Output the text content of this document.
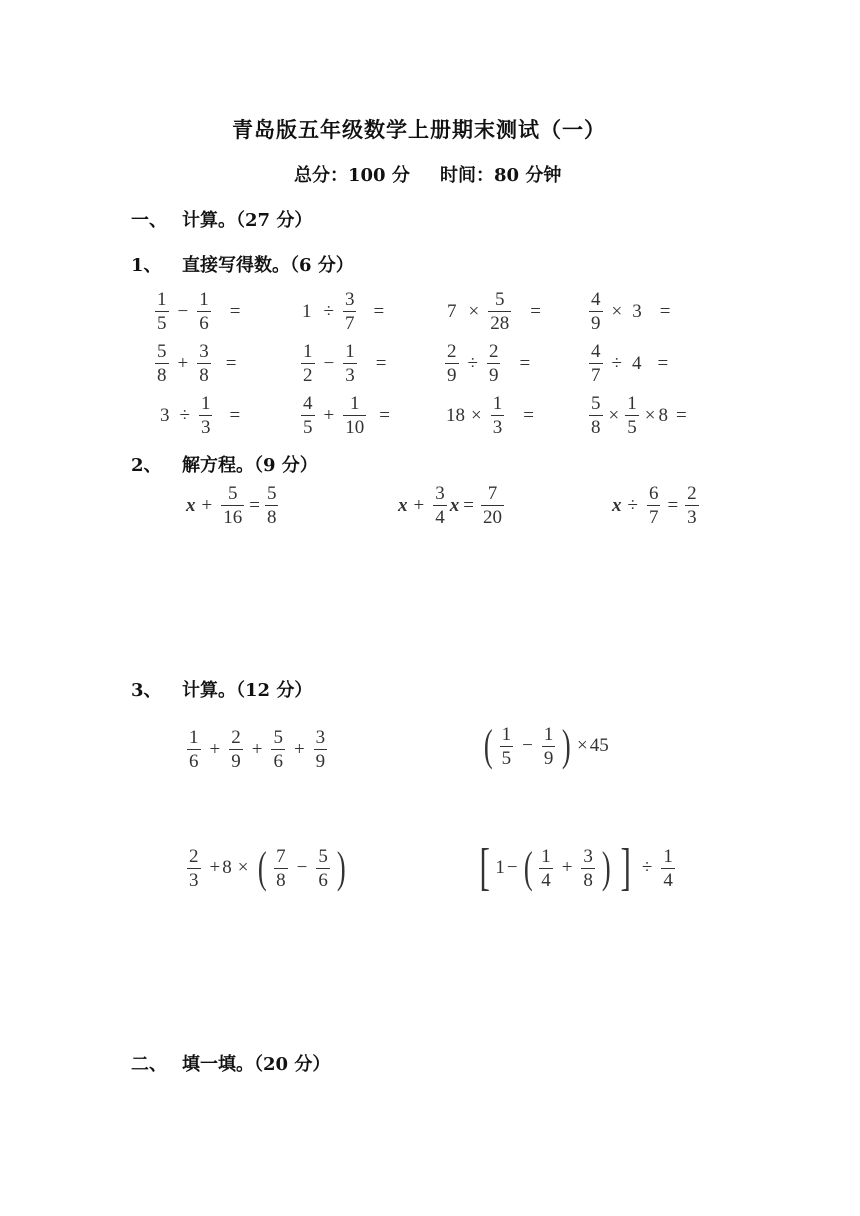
青岛版五年级数学上册期末测试（一）
总分：100 分 时间：80 分钟
一、 计算。（27 分）
1、 直接写得数。（6 分）
$\frac{1}{5} - \frac{1}{6}$ =	$1 \div \frac{3}{7}$ =	$7 \times \frac{5}{28}$ =	$\frac{4}{9} \times 3$ =
$\frac{5}{8} + \frac{3}{8}$ =	$\frac{1}{2} - \frac{1}{3}$ =	$\frac{2}{9} \div \frac{2}{9}$ =	$\frac{4}{7} \div 4$ =
$3 \div \frac{1}{3}$ =	$\frac{4}{5} + \frac{1}{10}$ =	$18 \times \frac{1}{3}$ =	$\frac{5}{8} \times \frac{1}{5} \times 8$ =
2、 解方程。（9 分）
$x + \frac{5}{16} = \frac{5}{8}$	$x + \frac{3}{4}$ $x = \frac{7}{20}$	$x \div \frac{6}{7} = \frac{2}{3}$
3、 计算。（12 分）
$\frac{1}{6} + \frac{2}{9} + \frac{5}{6} + \frac{3}{9}$	( $\frac{1}{5} - \frac{1}{9}$ ) × 45
$\frac{2}{3} + 8$ × ( $\frac{7}{8} - \frac{5}{6}$ )	[ 1 − ( $\frac{1}{4} + \frac{3}{8}$ ) ] ÷ $\frac{1}{4}$
二、 填一填。（20 分）
